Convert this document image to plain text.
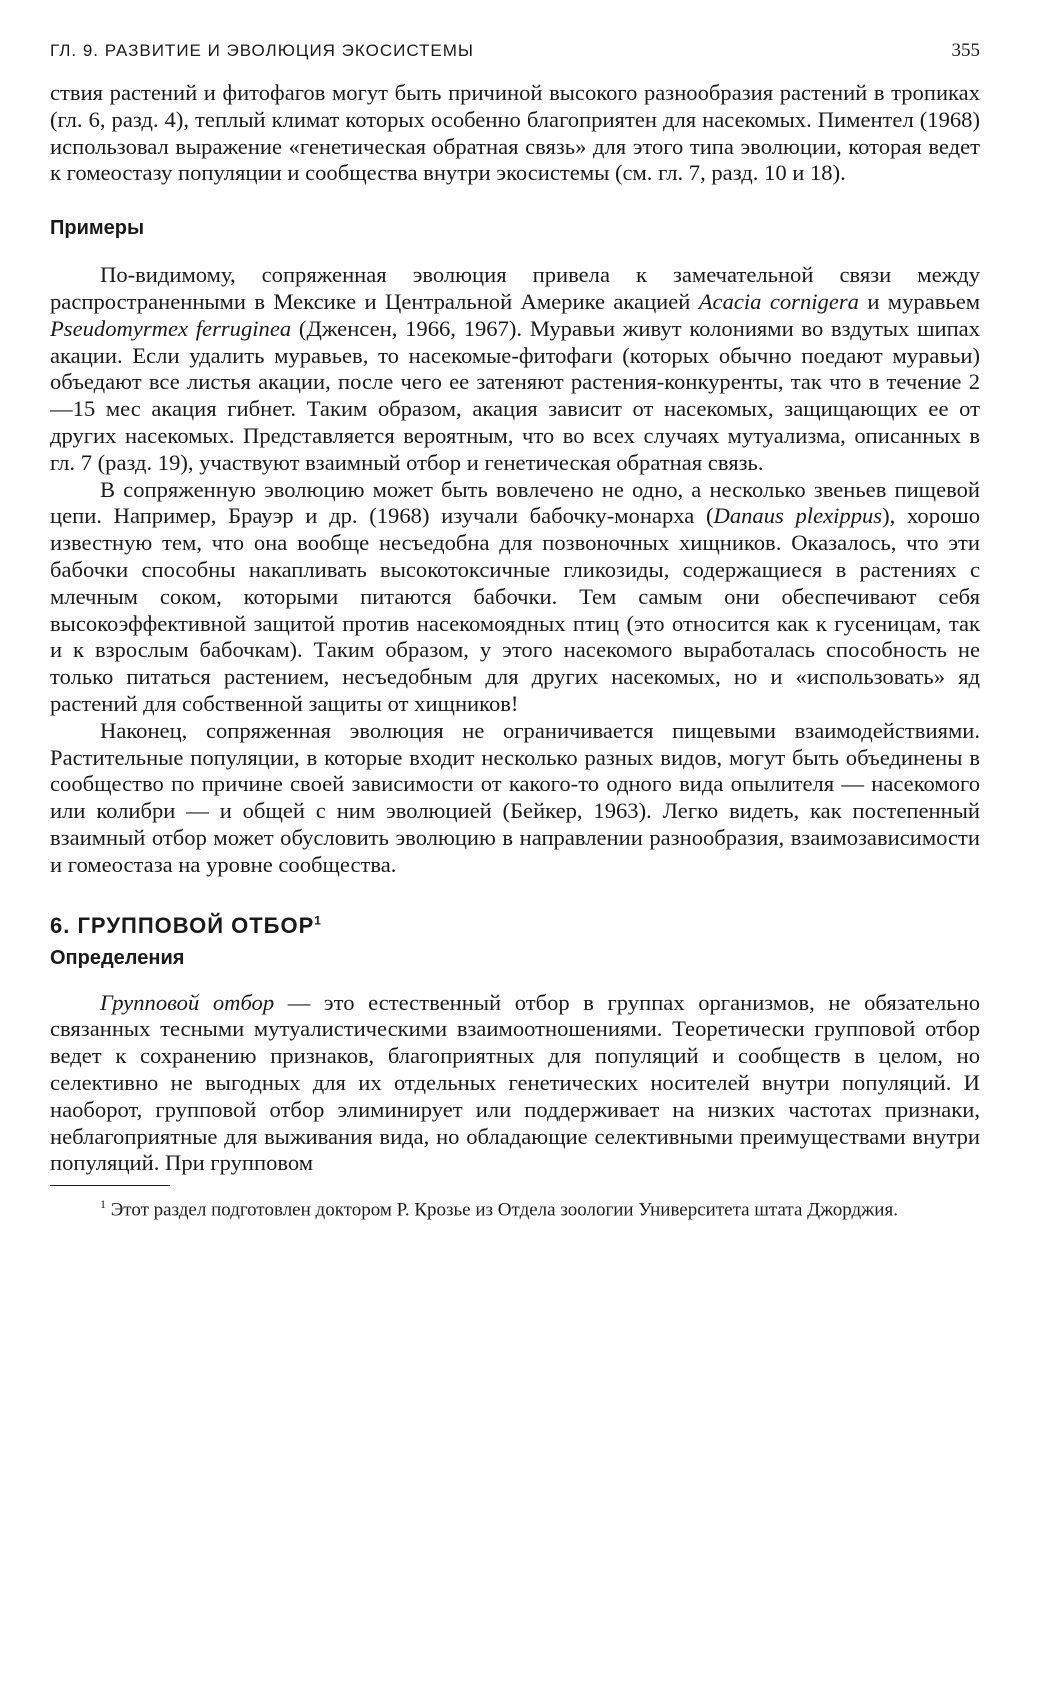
ГЛ. 9. РАЗВИТИЕ И ЭВОЛЮЦИЯ ЭКОСИСТЕМЫ	355

ствия растений и фитофагов могут быть причиной высокого разнообразия растений в тропиках (гл. 6, разд. 4), теплый климат которых особенно благоприятен для насекомых. Пиментел (1968) использовал выражение «генетическая обратная связь» для этого типа эволюции, которая ведет к гомеостазу популяции и сообщества внутри экосистемы (см. гл. 7, разд. 10 и 18).

Примеры

По-видимому, сопряженная эволюция привела к замечательной связи между распространенными в Мексике и Центральной Америке акацией Acacia cornigera и муравьем Pseudomyrmex ferruginea (Дженсен, 1966, 1967). Муравьи живут колониями во вздутых шипах акации. Если удалить муравьев, то насекомые-фитофаги (которых обычно поедают муравьи) объедают все листья акации, после чего ее затеняют растения-конкуренты, так что в течение 2—15 мес акация гибнет. Таким образом, акация зависит от насекомых, защищающих ее от других насекомых. Представляется вероятным, что во всех случаях мутуализма, описанных в гл. 7 (разд. 19), участвуют взаимный отбор и генетическая обратная связь.

В сопряженную эволюцию может быть вовлечено не одно, а несколько звеньев пищевой цепи. Например, Брауэр и др. (1968) изучали бабочку-монарха (Danaus plexippus), хорошо известную тем, что она вообще несъедобна для позвоночных хищников. Оказалось, что эти бабочки способны накапливать высокотоксичные гликозиды, содержащиеся в растениях с млечным соком, которыми питаются бабочки. Тем самым они обеспечивают себя высокоэффективной защитой против насекомоядных птиц (это относится как к гусеницам, так и к взрослым бабочкам). Таким образом, у этого насекомого выработалась способность не только питаться растением, несъедобным для других насекомых, но и «использовать» яд растений для собственной защиты от хищников!

Наконец, сопряженная эволюция не ограничивается пищевыми взаимодействиями. Растительные популяции, в которые входит несколько разных видов, могут быть объединены в сообщество по причине своей зависимости от какого-то одного вида опылителя — насекомого или колибри — и общей с ним эволюцией (Бейкер, 1963). Легко видеть, как постепенный взаимный отбор может обусловить эволюцию в направлении разнообразия, взаимозависимости и гомеостаза на уровне сообщества.

6. ГРУППОВОЙ ОТБОР$^1$
Определения

Групповой отбор — это естественный отбор в группах организмов, не обязательно связанных тесными мутуалистическими взаимоотношениями. Теоретически групповой отбор ведет к сохранению признаков, благоприятных для популяций и сообществ в целом, но селективно не выгодных для их отдельных генетических носителей внутри популяций. И наоборот, групповой отбор элиминирует или поддерживает на низких частотах признаки, неблагоприятные для выживания вида, но обладающие селективными преимуществами внутри популяций. При групповом

$^1$ Этот раздел подготовлен доктором Р. Крозье из Отдела зоологии Университета штата Джорджия.
